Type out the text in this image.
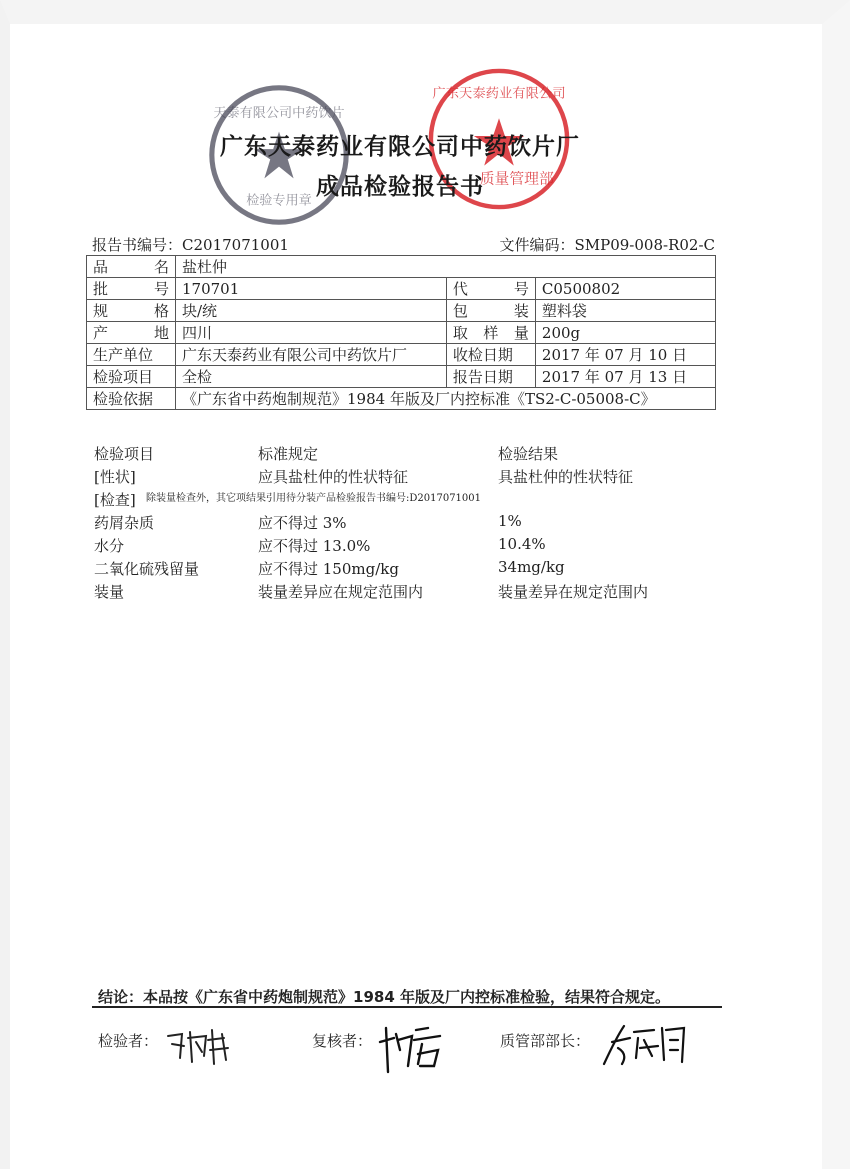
天泰有限公司中药饮片
检验专用章
广东天泰药业有限公司
质量管理部
广东天泰药业有限公司中药饮片厂
成品检验报告书
报告书编号：C2017071001	文件编码：SMP09-008-R02-C
品 名	盐杜仲		

批 号	170701	代 号	C0500802

规 格	块/统	包 装	塑料袋

产 地	四川	取 样 量	200g
生产单位	广东天泰药业有限公司中药饮片厂	收检日期	2017 年 07 月 10 日
检验项目	全检	报告日期	2017 年 07 月 13 日
检验依据	《广东省中药炮制规范》1984 年版及厂内控标准《TS2-C-05008-C》		
检验项目	标准规定	检验结果
[性状]	应具盐杜仲的性状特征	具盐杜仲的性状特征
[检查] 除装量检查外，其它项结果引用待分装产品检验报告书编号:D2017071001
药屑杂质	应不得过 3%	1%
水分	应不得过 13.0%	10.4%
二氧化硫残留量	应不得过 150mg/kg	34mg/kg
装量	装量差异应在规定范围内	装量差异在规定范围内
结论：本品按《广东省中药炮制规范》1984 年版及厂内控标准检验，结果符合规定。
检验者：	复核者：	质管部部长：
